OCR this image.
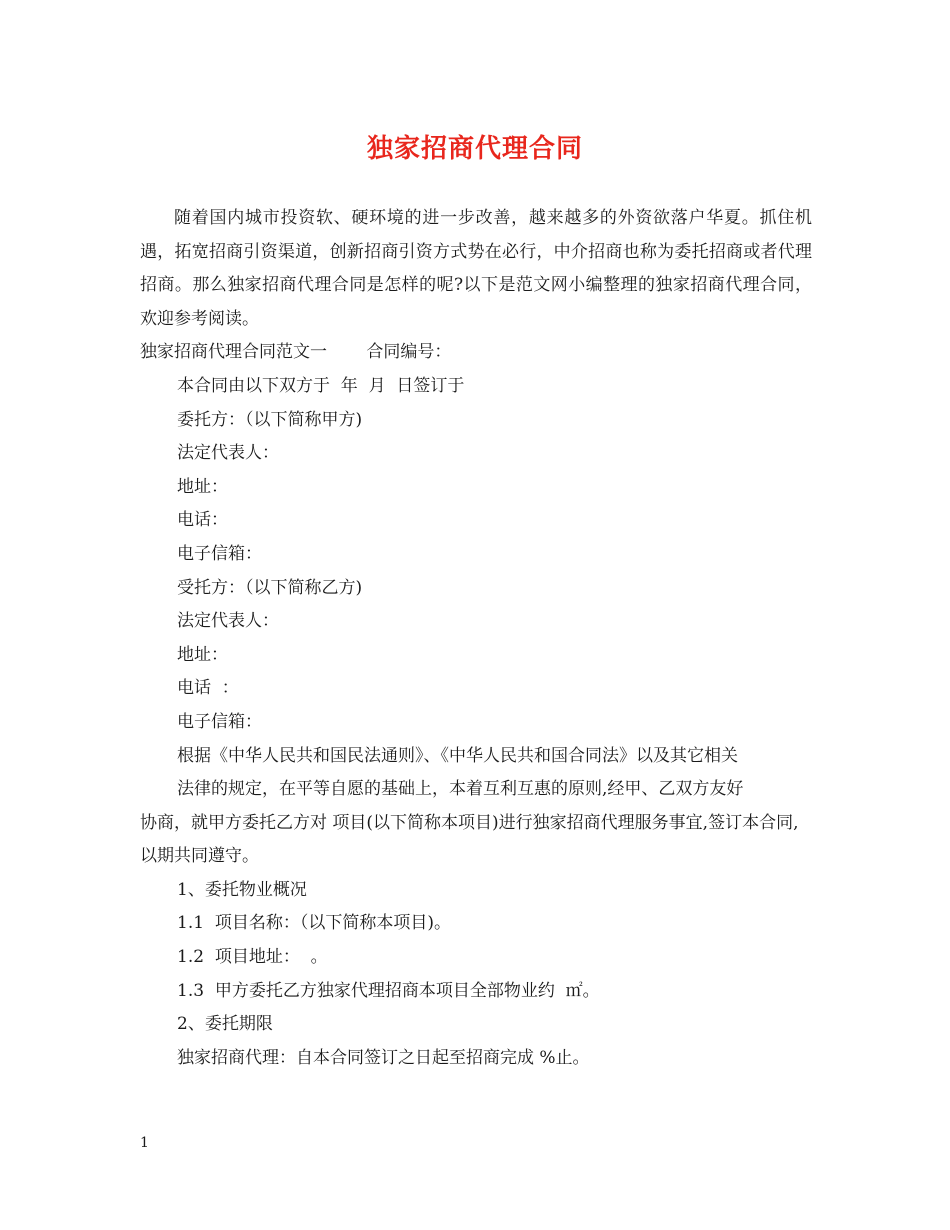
独家招商代理合同

随着国内城市投资软、硬环境的进一步改善，越来越多的外资欲落户华夏。抓住机遇，拓宽招商引资渠道，创新招商引资方式势在必行，中介招商也称为委托招商或者代理招商。那么独家招商代理合同是怎样的呢?以下是范文网小编整理的独家招商代理合同，欢迎参考阅读。

独家招商代理合同范文一　　 合同编号：

本合同由以下双方于  年  月  日签订于

委托方：（以下简称甲方)

法定代表人：

地址：

电话：

电子信箱：

受托方：（以下简称乙方)

法定代表人：

地址：

电话  ：

电子信箱：

根据《中华人民共和国民法通则》、《中华人民共和国合同法》以及其它相关
法律的规定，在平等自愿的基础上，本着互利互惠的原则,经甲、乙双方友好
协商，就甲方委托乙方对 项目(以下简称本项目)进行独家招商代理服务事宜,签订本合同,以期共同遵守。

1、委托物业概况

1.1  项目名称：（以下简称本项目)。

1.2  项目地址：  。

1.3  甲方委托乙方独家代理招商本项目全部物业约  ㎡。

2、委托期限

独家招商代理：自本合同签订之日起至招商完成 %止。

1
